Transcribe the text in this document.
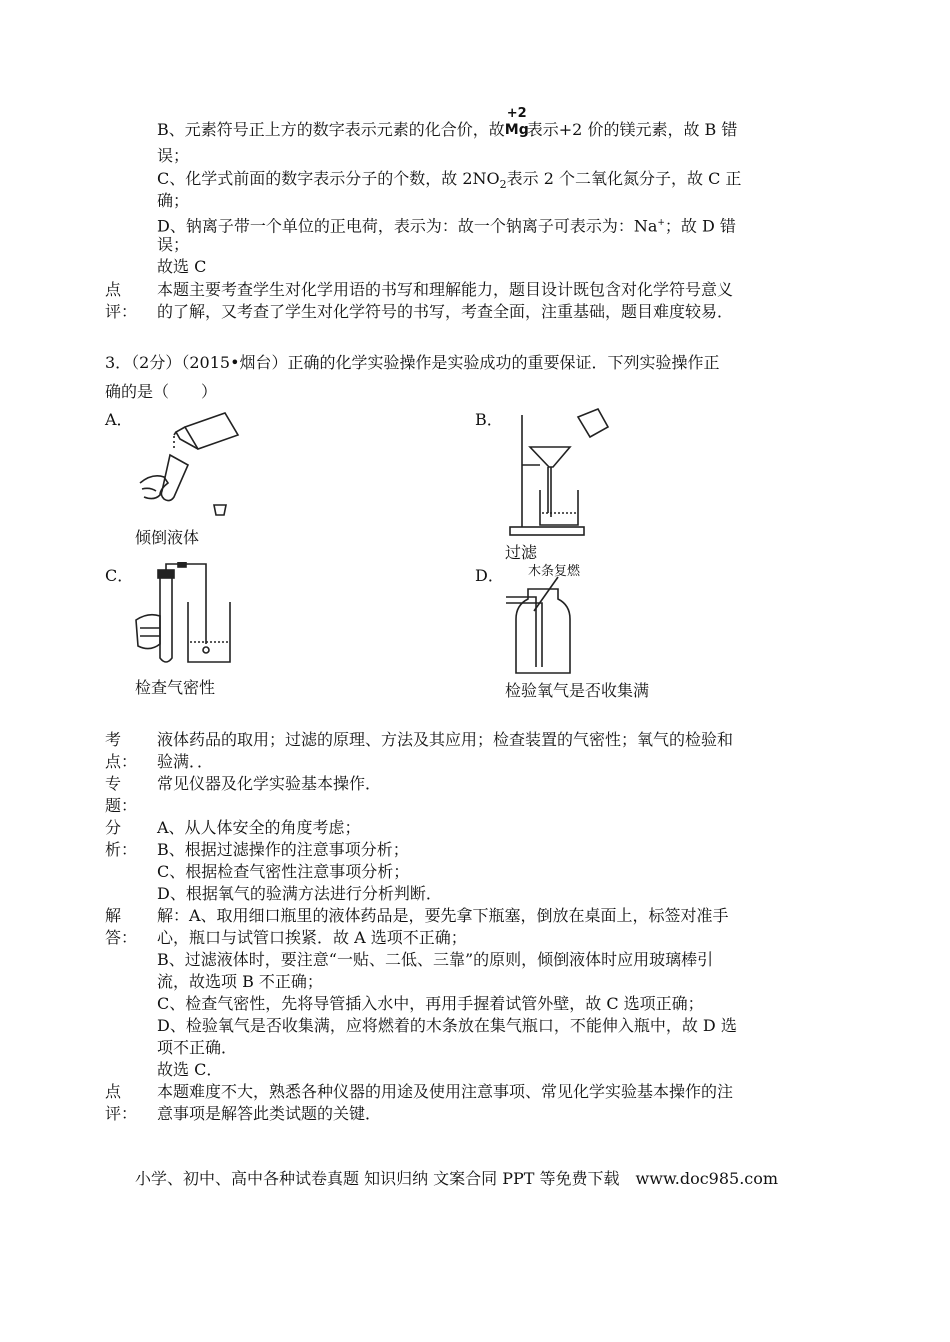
B、元素符号正上方的数字表示元素的化合价，故
+2
Mg
表示+2 价的镁元素，故 B 错
误；
C、化学式前面的数字表示分子的个数，故 $2NO_2$表示 2 个二氧化氮分子，故 C 正
确；
D、钠离子带一个单位的正电荷，表示为：故一个钠离子可表示为：Na+；故 D 错
误；
故选 C
点
评：
本题主要考查学生对化学用语的书写和理解能力，题目设计既包含对化学符号意义
的了解，又考查了学生对化学符号的书写，考查全面，注重基础，题目难度较易．
3．（2分）（2015•烟台）正确的化学实验操作是实验成功的重要保证．下列实验操作正
确的是（　　）
A．
倾倒液体
B．
过滤
C．
检查气密性
D． 木条复燃
检验氧气是否收集满
考
点：
液体药品的取用；过滤的原理、方法及其应用；检查装置的气密性；氧气的检验和
验满．．
专
题：
常见仪器及化学实验基本操作．
分
析：
A、从人体安全的角度考虑；
B、根据过滤操作的注意事项分析；
C、根据检查气密性注意事项分析；
D、根据氧气的验满方法进行分析判断．
解
答：
解：A、取用细口瓶里的液体药品是，要先拿下瓶塞，倒放在桌面上，标签对准手
心，瓶口与试管口挨紧．故 A 选项不正确；
B、过滤液体时，要注意“一贴、二低、三靠”的原则，倾倒液体时应用玻璃棒引
流，故选项 B 不正确；
C、检查气密性，先将导管插入水中，再用手握着试管外壁，故 C 选项正确；
D、检验氧气是否收集满，应将燃着的木条放在集气瓶口，不能伸入瓶中，故 D 选
项不正确．
故选 C．
点
评：
本题难度不大，熟悉各种仪器的用途及使用注意事项、常见化学实验基本操作的注
意事项是解答此类试题的关键．
小学、初中、高中各种试卷真题 知识归纳 文案合同 PPT 等免费下载　www.doc985.com
